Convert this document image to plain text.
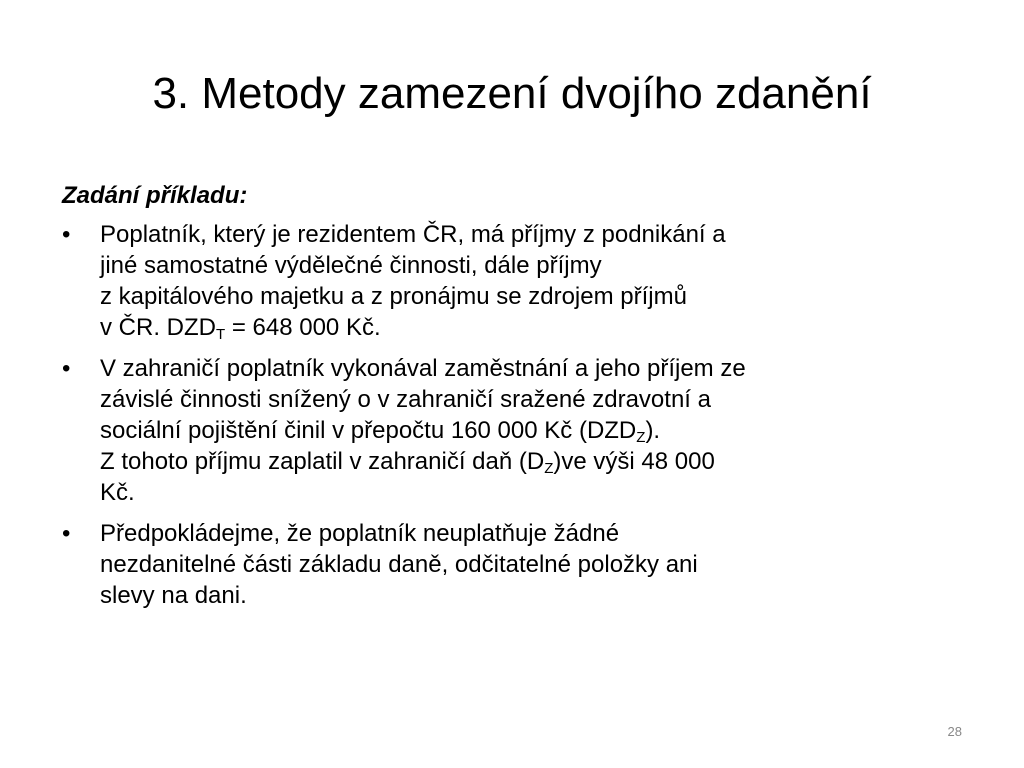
3. Metody zamezení dvojího zdanění

Zadání příkladu:

• Poplatník, který je rezidentem ČR, má příjmy z podnikání a
jiné samostatné výdělečné činnosti, dále příjmy
z kapitálového majetku a z pronájmu se zdrojem příjmů
v ČR. $DZD_T = 648$ 000 Kč.
• V zahraničí poplatník vykonával zaměstnání a jeho příjem ze
závislé činnosti snížený o v zahraničí sražené zdravotní a
sociální pojištění činil v přepočtu 160 000 Kč $(DZD_Z)$.
Z tohoto příjmu zaplatil v zahraničí daň $(D_Z)ve$ výši 48 000
Kč.
• Předpokládejme, že poplatník neuplatňuje žádné
nezdanitelné části základu daně, odčitatelné položky ani
slevy na dani.
28
